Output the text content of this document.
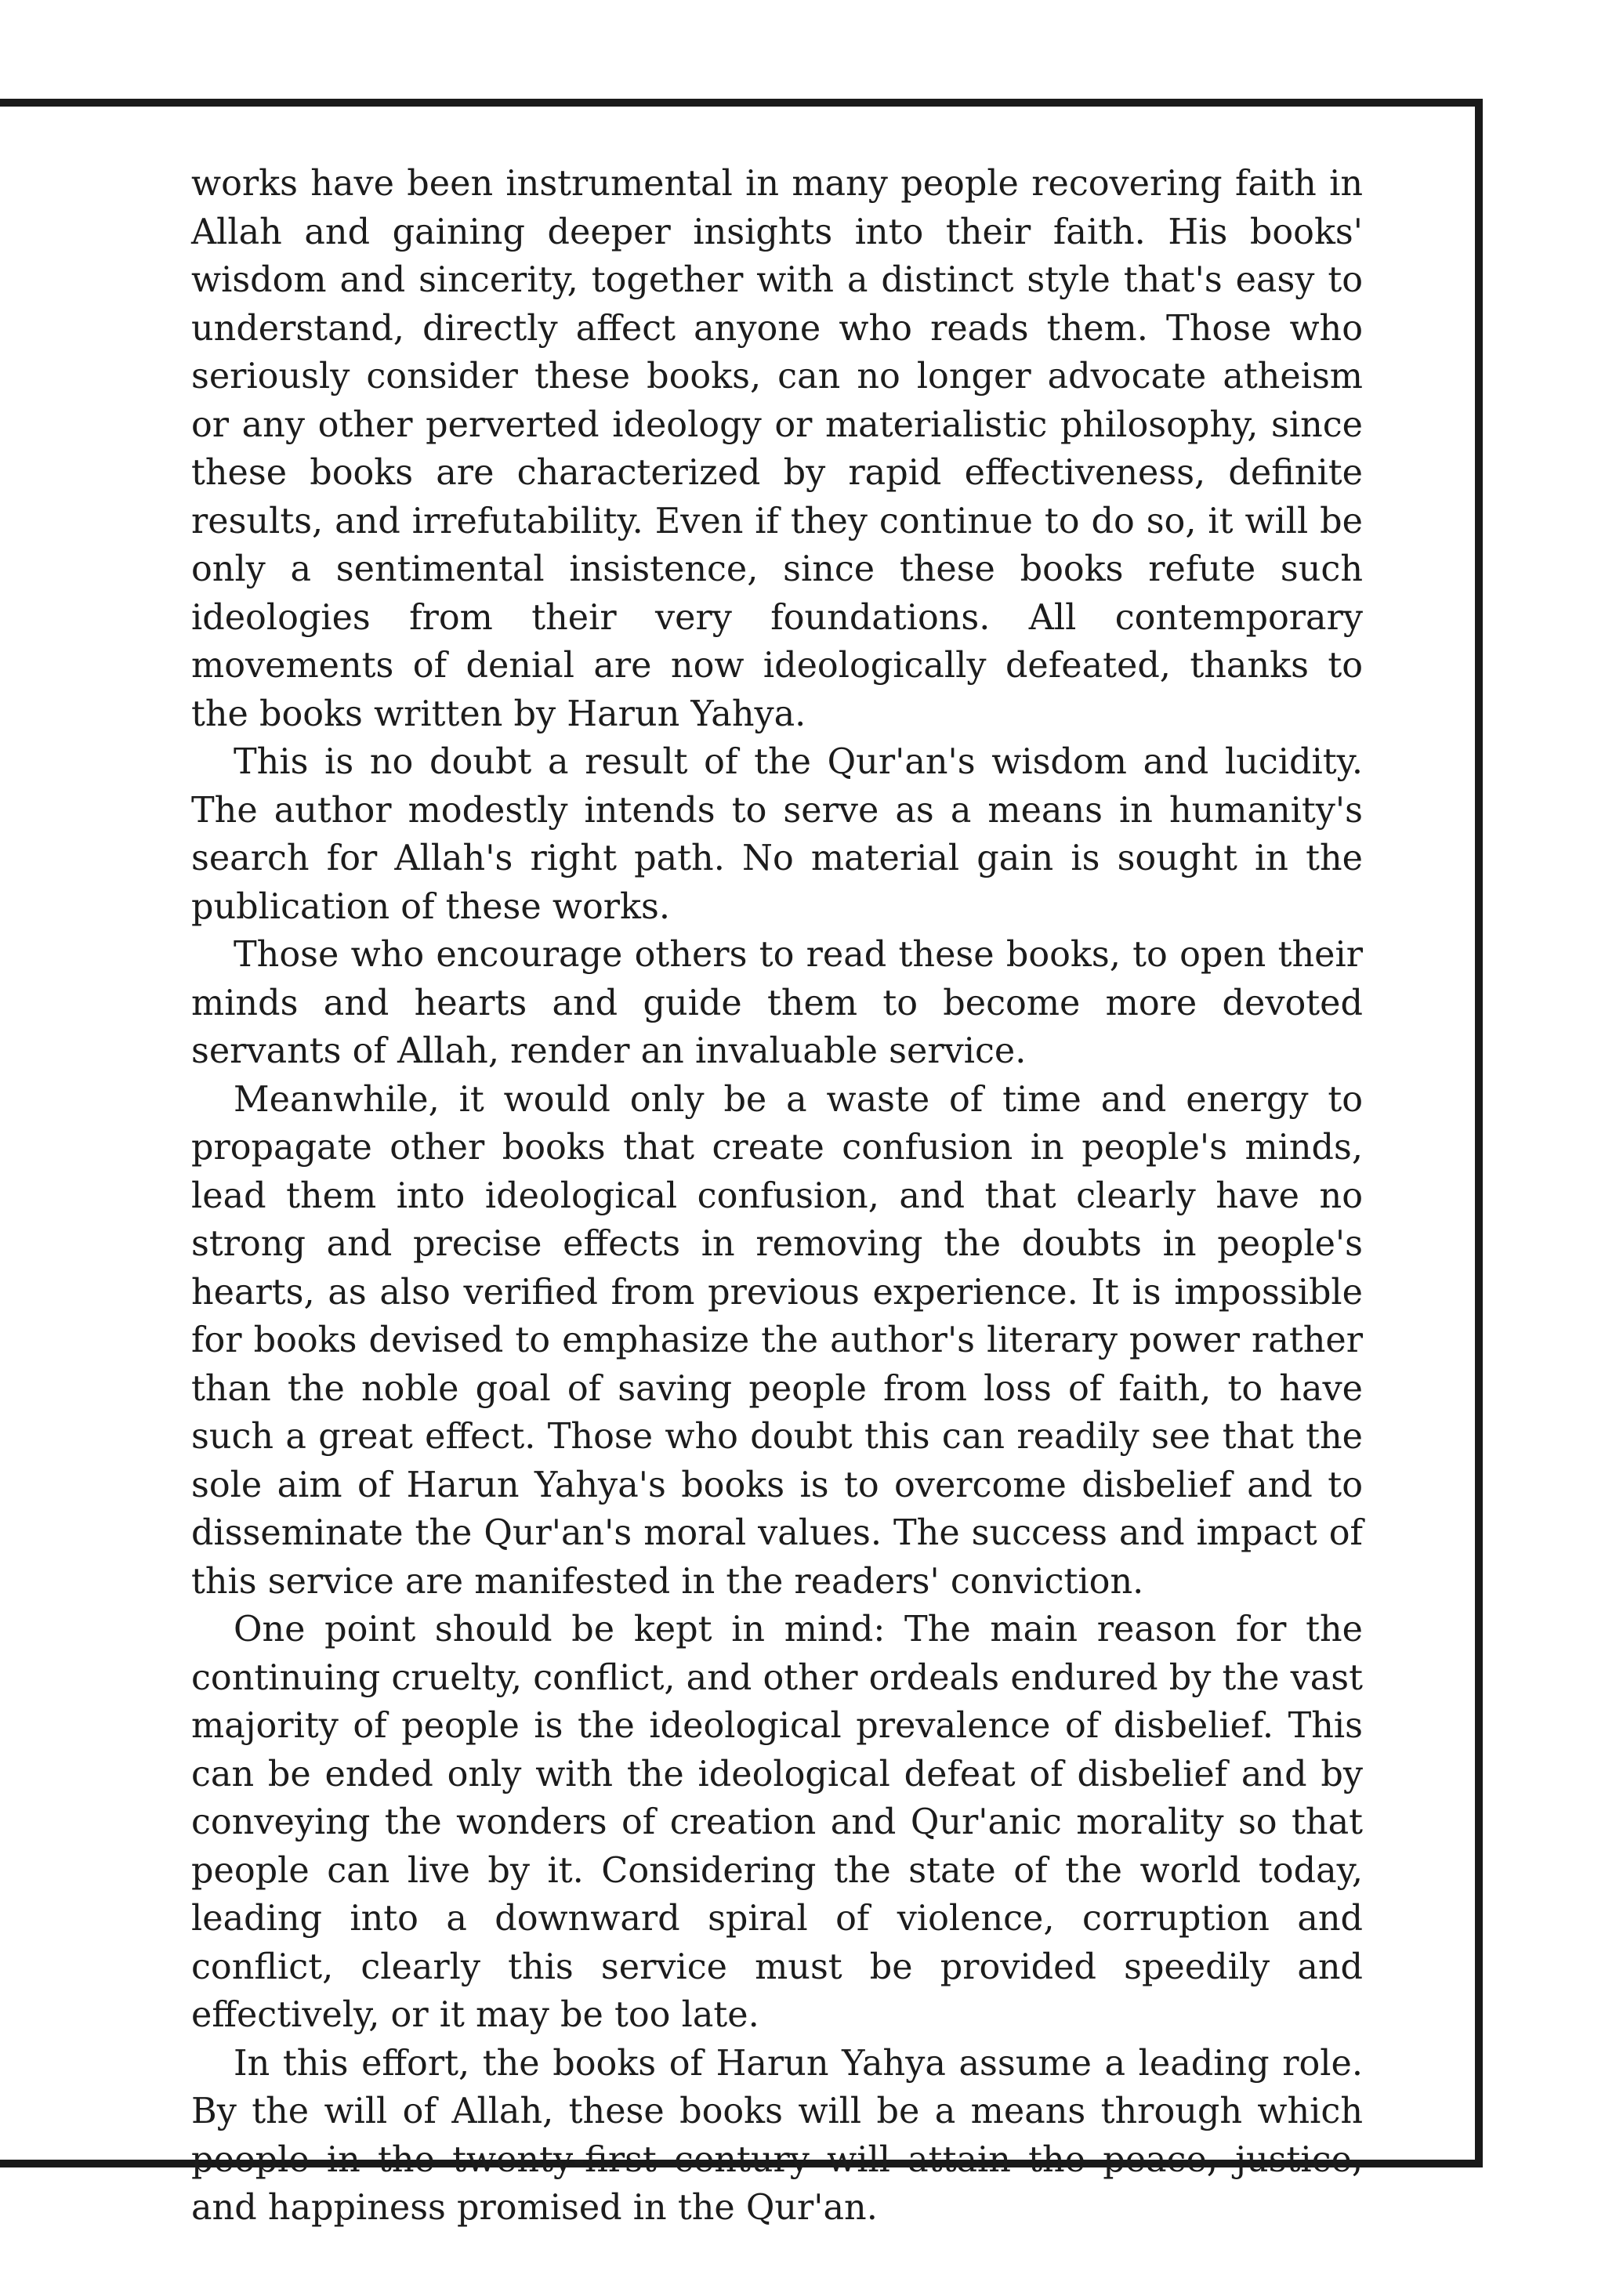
works have been instrumental in many people recovering faith in Allah and gaining deeper insights into their faith. His books' wisdom and sincerity, together with a distinct style that's easy to understand, directly affect anyone who reads them. Those who seriously consider these books, can no longer advocate atheism or any other perverted ideology or materialistic philosophy, since these books are characterized by rapid effectiveness, definite results, and irrefutability. Even if they continue to do so, it will be only a sentimental insistence, since these books refute such ideologies from their very foundations. All contemporary movements of denial are now ideologically defeated, thanks to the books written by Harun Yahya.

This is no doubt a result of the Qur'an's wisdom and lucidity. The author modestly intends to serve as a means in humanity's search for Allah's right path. No material gain is sought in the publication of these works.

Those who encourage others to read these books, to open their minds and hearts and guide them to become more devoted servants of Allah, render an invaluable service.

Meanwhile, it would only be a waste of time and energy to propagate other books that create confusion in people's minds, lead them into ideological confusion, and that clearly have no strong and precise effects in removing the doubts in people's hearts, as also verified from previous experience. It is impossible for books devised to emphasize the author's literary power rather than the noble goal of saving people from loss of faith, to have such a great effect. Those who doubt this can readily see that the sole aim of Harun Yahya's books is to overcome disbelief and to disseminate the Qur'an's moral values. The success and impact of this service are manifested in the readers' conviction.

One point should be kept in mind: The main reason for the continuing cruelty, conflict, and other ordeals endured by the vast majority of people is the ideological prevalence of disbelief. This can be ended only with the ideological defeat of disbelief and by conveying the wonders of creation and Qur'anic morality so that people can live by it. Considering the state of the world today, leading into a downward spiral of violence, corruption and conflict, clearly this service must be provided speedily and effectively, or it may be too late.

In this effort, the books of Harun Yahya assume a leading role. By the will of Allah, these books will be a means through which people in the twenty-first century will attain the peace, justice, and happiness promised in the Qur'an.
